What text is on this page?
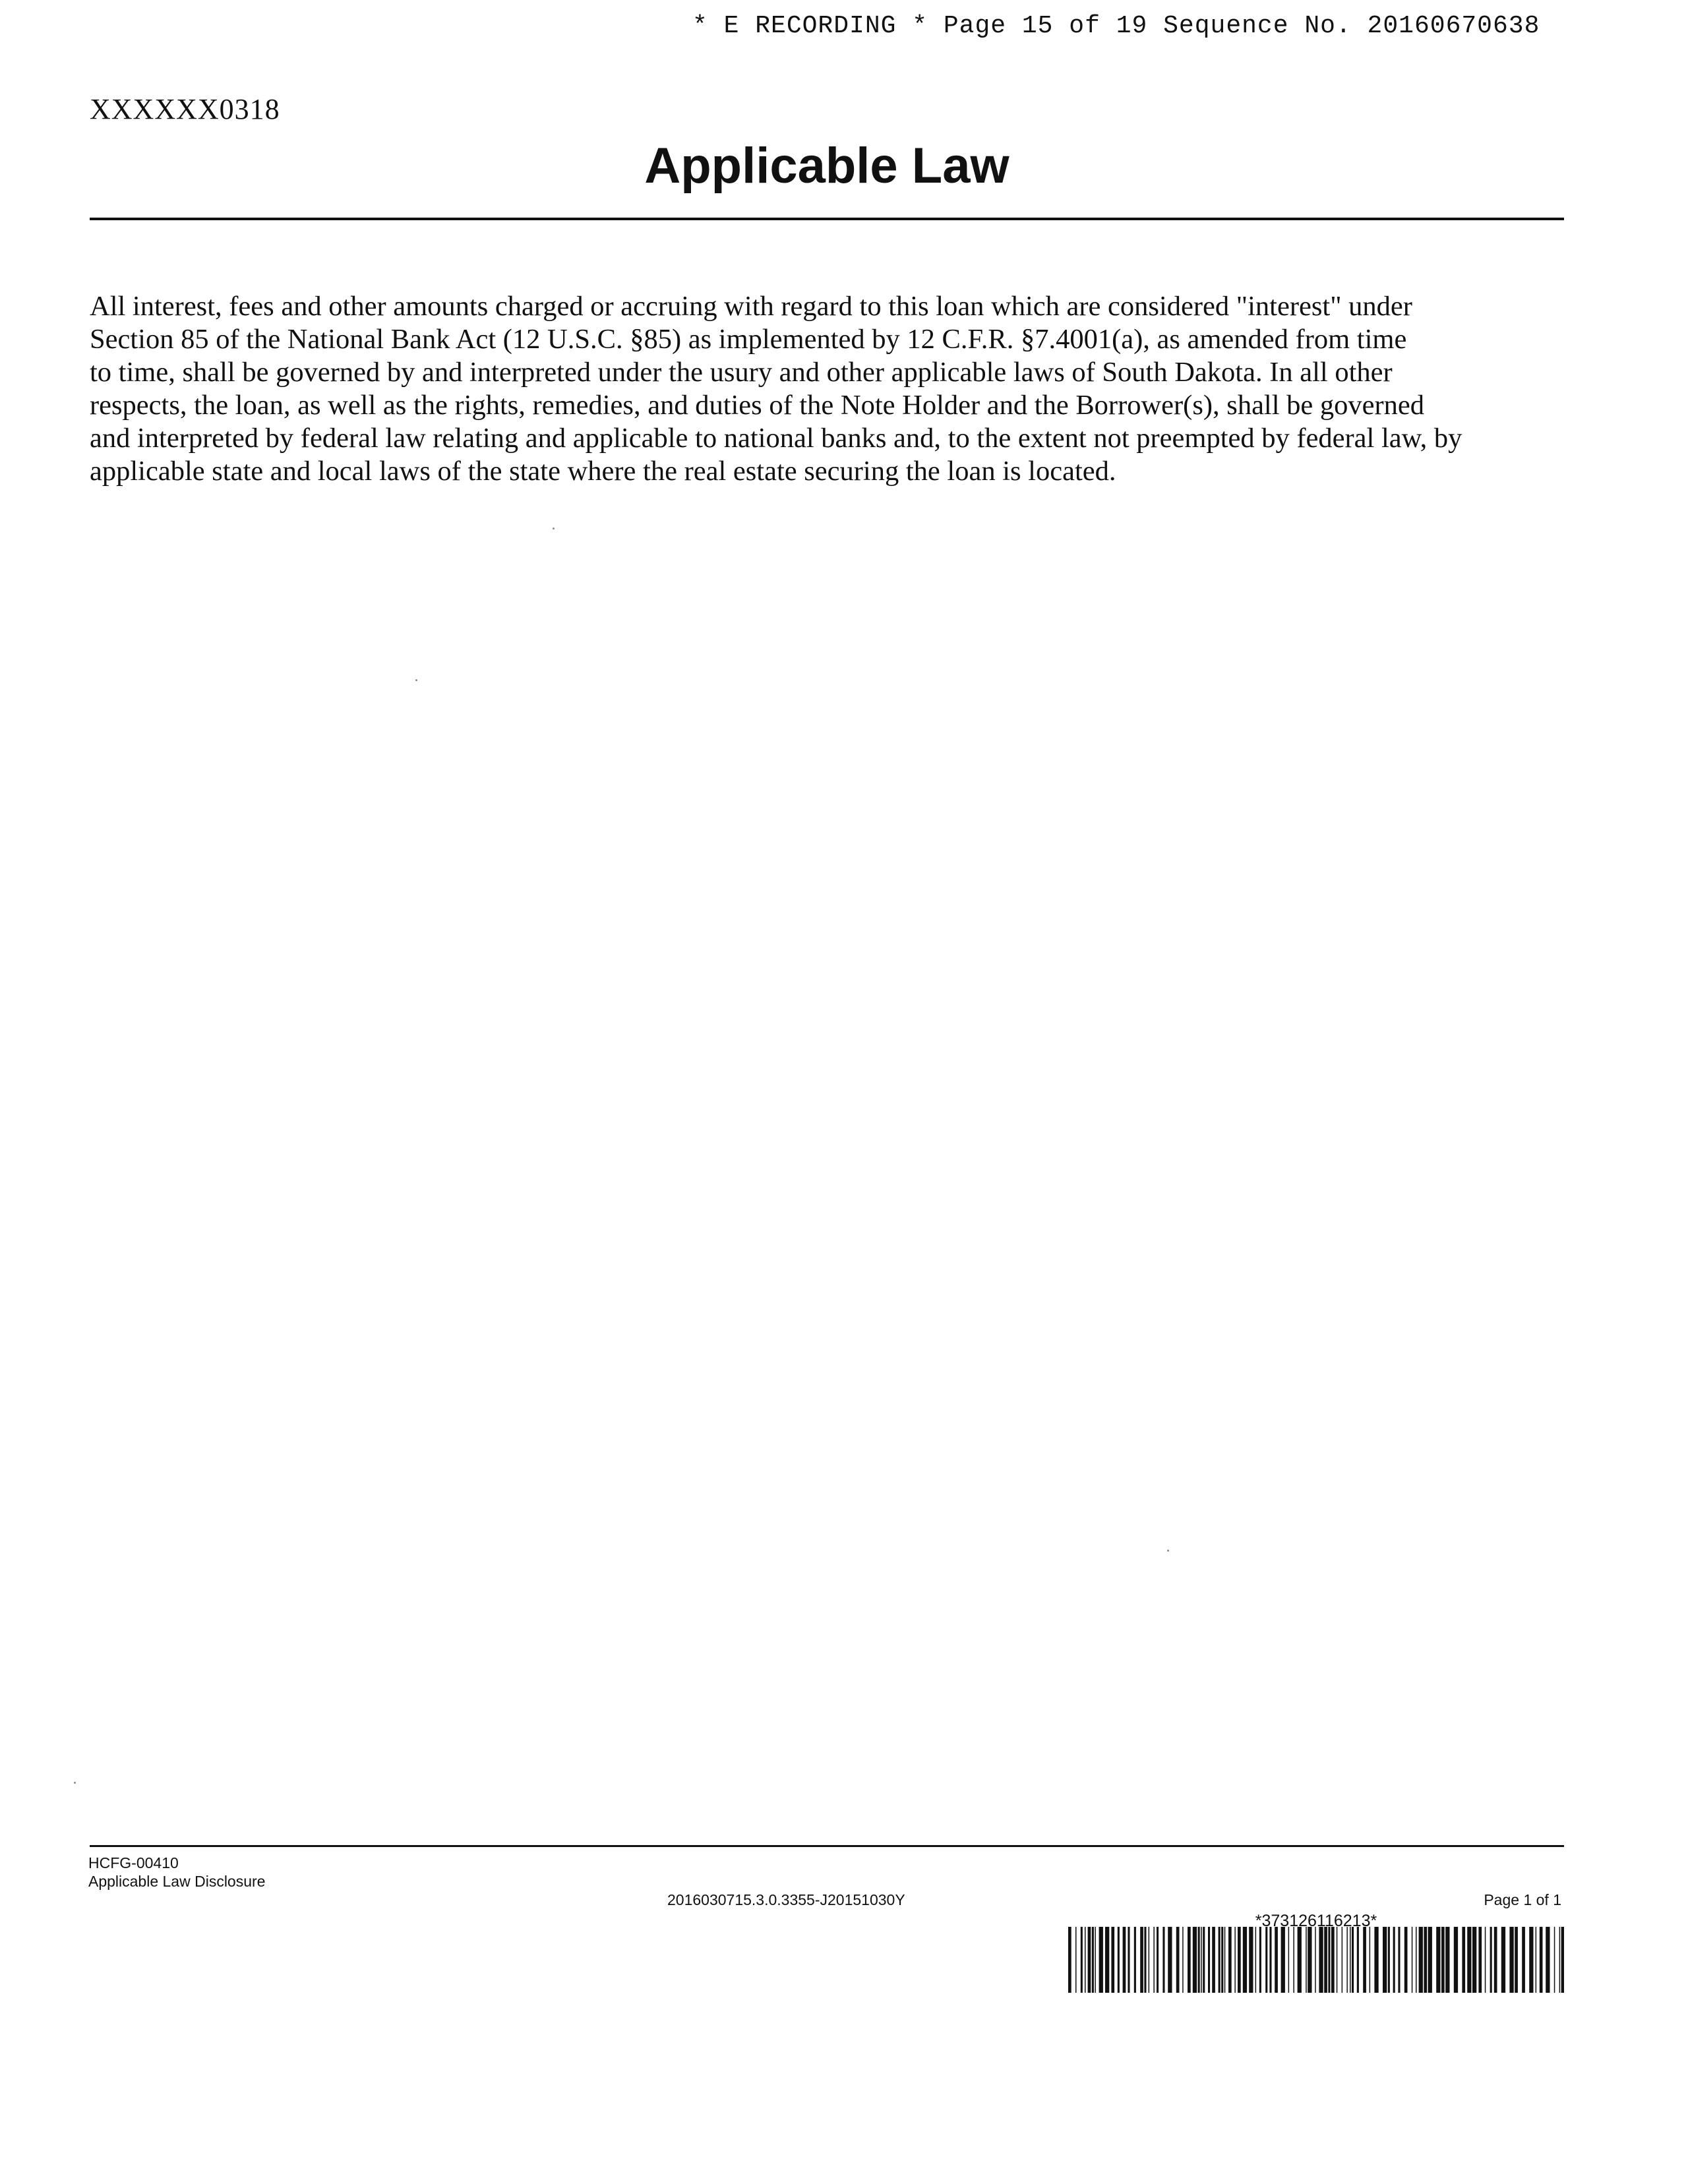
* E RECORDING * Page 15 of 19 Sequence No. 20160670638
XXXXXX0318
Applicable Law

All interest, fees and other amounts charged or accruing with regard to this loan which are considered "interest" under
Section 85 of the National Bank Act (12 U.S.C. §85) as implemented by 12 C.F.R. §7.4001(a), as amended from time
to time, shall be governed by and interpreted under the usury and other applicable laws of South Dakota. In all other
respects, the loan, as well as the rights, remedies, and duties of the Note Holder and the Borrower(s), shall be governed
and interpreted by federal law relating and applicable to national banks and, to the extent not preempted by federal law, by
applicable state and local laws of the state where the real estate securing the loan is located.

HCFG-00410
Applicable Law Disclosure
2016030715.3.0.3355-J20151030Y	Page 1 of 1
*373126116213*
